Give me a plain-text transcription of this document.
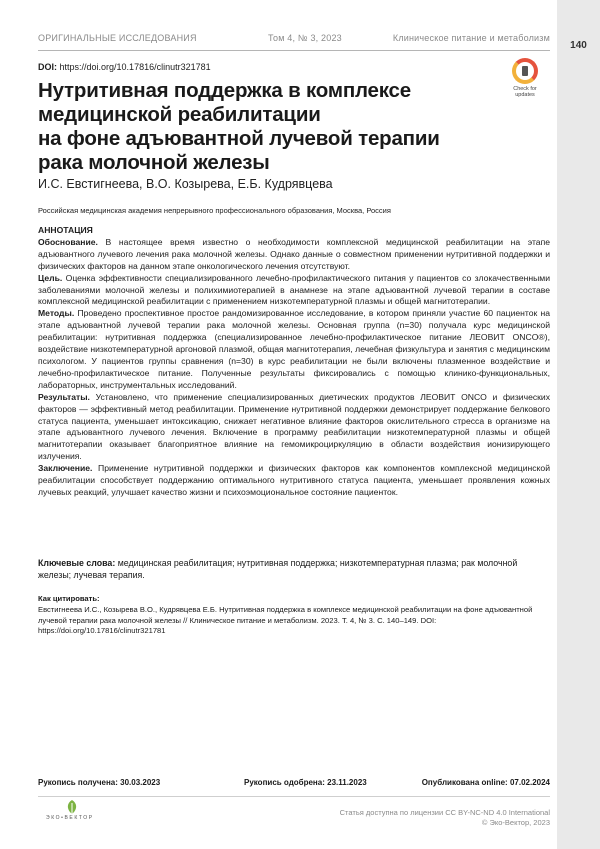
140
ОРИГИНАЛЬНЫЕ ИССЛЕДОВАНИЯ	Том 4, № 3, 2023	Клиническое питание и метаболизм
DOI: https://doi.org/10.17816/clinutr321781
Check for
updates
Нутритивная поддержка в комплексе
медицинской реабилитации
на фоне адъювантной лучевой терапии
рака молочной железы
И.С. Евстигнеева, В.О. Козырева, Е.Б. Кудрявцева
Российская медицинская академия непрерывного профессионального образования, Москва, Россия
АННОТАЦИЯ

Обоснование. В настоящее время известно о необходимости комплексной медицинской реабилитации на этапе адъювантного лучевого лечения рака молочной железы. Однако данные о совместном применении нутритивной поддержки и физических факторов на данном этапе онкологического лечения отсутствуют.

Цель. Оценка эффективности специализированного лечебно-профилактического питания у пациентов со злокачественными заболеваниями молочной железы и полихимиотерапией в анамнезе на этапе адъювантной лучевой терапии в составе комплексной медицинской реабилитации с применением низкотемпературной плазмы и общей магнитотерапии.

Методы. Проведено проспективное простое рандомизированное исследование, в котором приняли участие 60 пациенток на этапе адъювантной лучевой терапии рака молочной железы. Основная группа (n=30) получала курс медицинской реабилитации: нутритивная поддержка (специализированное лечебно-профилактическое питание ЛЕОВИТ ONCO®), воздействие низкотемпературной аргоновой плазмой, общая магнитотерапия, лечебная физкультура и занятия с медицинским психологом. У пациентов группы сравнения (n=30) в курс реабилитации не были включены плазменное воздействие и лечебно-профилактическое питание. Полученные результаты фиксировались с помощью клинико-функциональных, лабораторных, инструментальных исследований.

Результаты. Установлено, что применение специализированных диетических продуктов ЛЕОВИТ ONCO и физических факторов — эффективный метод реабилитации. Применение нутритивной поддержки демонстрирует поддержание белкового статуса пациента, уменьшает интоксикацию, снижает негативное влияние факторов окислительного стресса в организме на этапе адъювантного лучевого лечения. Включение в программу реабилитации низкотемпературной плазмы и общей магнитотерапии оказывает благоприятное влияние на гемомикроциркуляцию в области воздействия ионизирующего излучения.

Заключение. Применение нутритивной поддержки и физических факторов как компонентов комплексной медицинской реабилитации способствует поддержанию оптимального нутритивного статуса пациента, уменьшает проявления кожных лучевых реакций, улучшает качество жизни и психоэмоциональное состояние пациенток.

Ключевые слова: медицинская реабилитация; нутритивная поддержка; низкотемпературная плазма; рак молочной железы; лучевая терапия.
Как цитировать:
Евстигнеева И.С., Козырева В.О., Кудрявцева Е.Б. Нутритивная поддержка в комплексе медицинской реабилитации на фоне адъювантной лучевой терапии рака молочной железы // Клиническое питание и метаболизм. 2023. Т. 4, № 3. С. 140–149. DOI: https://doi.org/10.17816/clinutr321781
Рукопись получена: 30.03.2023	Рукопись одобрена: 23.11.2023	Опубликована online: 07.02.2024
ЭКО•ВЕКТОР
Статья доступна по лицензии CC BY-NC-ND 4.0 International
© Эко-Вектор, 2023
